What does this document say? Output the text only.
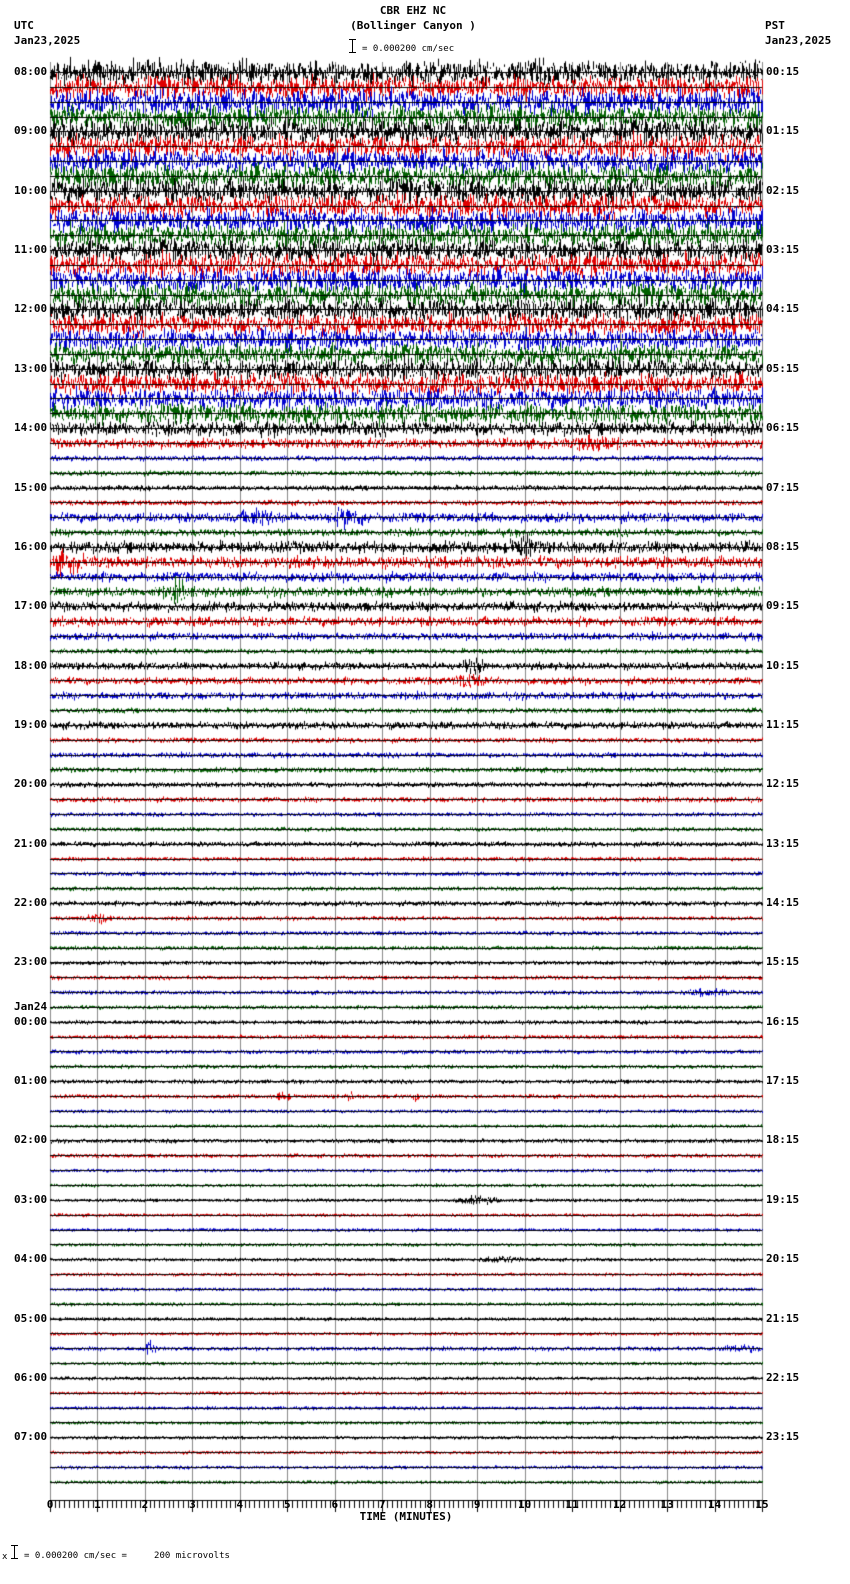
08:00
09:00
10:00
11:00
12:00
13:00
14:00
15:00
16:00
17:00
18:00
19:00
20:00
21:00
22:00
23:00
00:00
Jan24
01:00
02:00
03:00
04:00
05:00
06:00
07:00
00:15
01:15
02:15
03:15
04:15
05:15
06:15
07:15
08:15
09:15
10:15
11:15
12:15
13:15
14:15
15:15
16:15
17:15
18:15
19:15
20:15
21:15
22:15
23:15
0	1	2	3	4	5	6	7	8	9	10	11	12	13	14	15
TIME (MINUTES)
x = 0.000200 cm/sec =     200 microvolts
